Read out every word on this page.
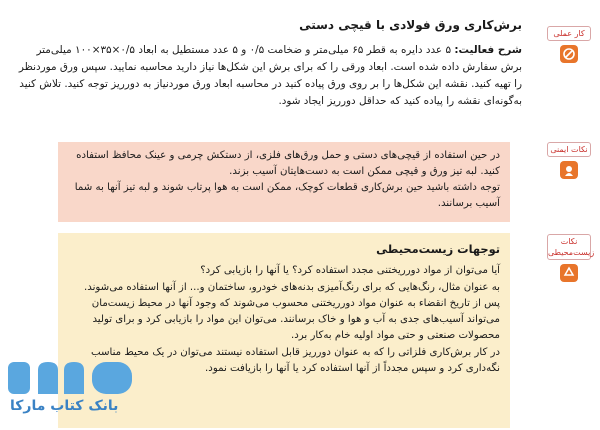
کار عملی
نکات ایمنی
نکات زیست‌محیطی
برش‌کاری ورق فولادی با قیچی دستی

شرح فعالیت: ۵ عدد دایره به قطر ۶۵ میلی‌متر و ضخامت ۰/۵ و ۵ عدد مستطیل به ابعاد ۰/۵×۳۵×۱۰۰ میلی‌متر برش سفارش داده شده است. ابعاد ورقی را که برای برش این شکل‌ها نیاز دارید محاسبه نمایید. سپس ورق موردنظر را تهیه کنید. نقشه این شکل‌ها را بر روی ورق پیاده کنید در محاسبه ابعاد ورق موردنیاز به دورریز توجه کنید. تلاش کنید به‌گونه‌ای نقشه را پیاده کنید که حداقل دورریز ایجاد شود.

در حین استفاده از قیچی‌های دستی و حمل ورق‌های فلزی، از دستکش چرمی و عینک محافظ استفاده کنید. لبه تیز ورق و قیچی ممکن است به دست‌هایتان آسیب بزند.

توجه داشته باشید حین برش‌کاری قطعات کوچک، ممکن است به هوا پرتاب شوند و لبه تیز آنها به شما آسیب برسانند.

توجهات زیست‌محیطی

آیا می‌توان از مواد دورریختنی مجدد استفاده کرد؟ یا آنها را بازیابی کرد؟

به عنوان مثال، رنگ‌هایی که برای رنگ‌آمیزی بدنه‌های خودرو، ساختمان و... از آنها استفاده می‌شوند. پس از تاریخ انقضاء به عنوان مواد دورریختنی محسوب می‌شوند که وجود آنها در محیط زیست‌مان می‌تواند آسیب‌های جدی به آب و هوا و خاک برسانند. می‌توان این مواد را بازیابی کرد و برای تولید محصولات صنعتی و حتی مواد اولیه خام به‌کار برد.

در کار برش‌کاری فلزاتی را که به عنوان دورریز قابل استفاده نیستند می‌توان در یک محیط مناسب نگه‌داری کرد و سپس مجدداً از آنها استفاده کرد یا آنها را بازیافت نمود.

بانک کتاب مارکا
